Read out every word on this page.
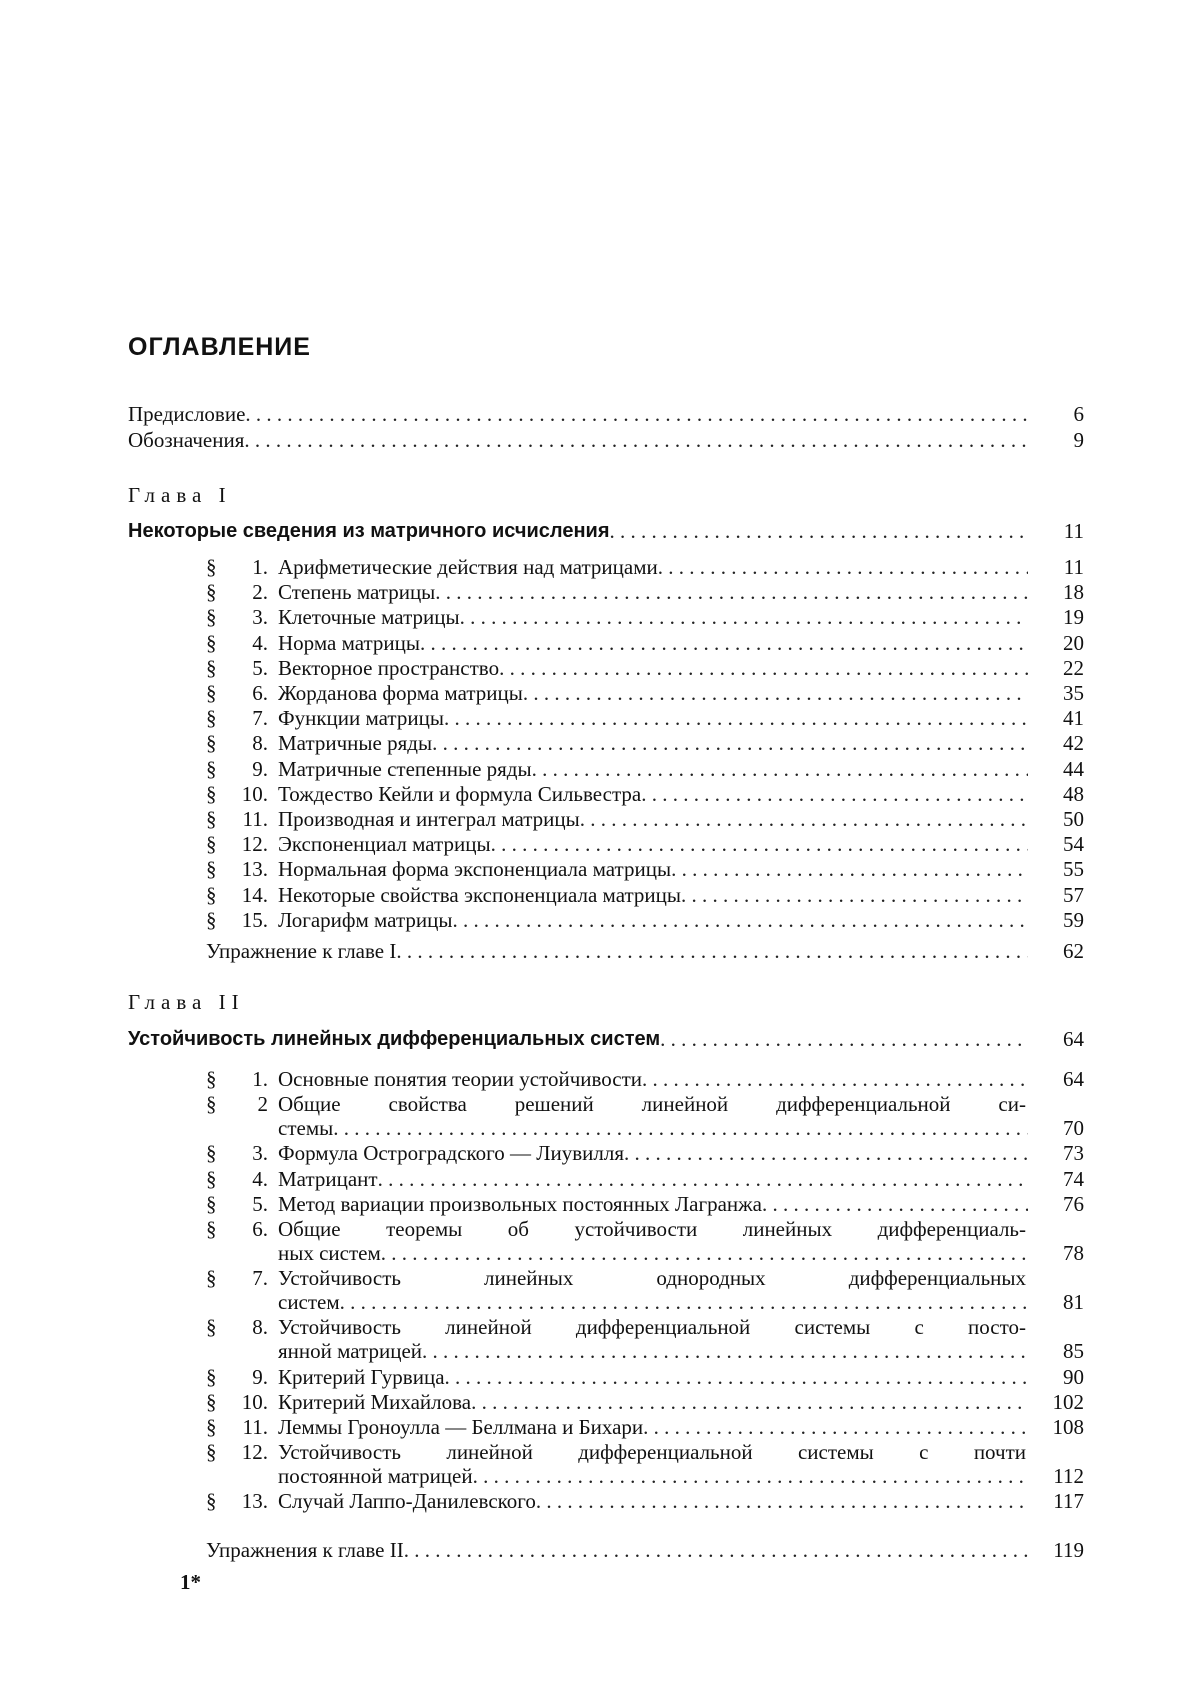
ОГЛАВЛЕНИЕ
Предисловие
. . .	6
Обозначения
. . .	9
Глава I
Некоторые сведения из матричного исчисления
. . .	11
§	1. Арифметические действия над матрицами
. . .	11
§	2. Степень матрицы
. . .	18
§	3. Клеточные матрицы
. . .	19
§	4. Норма матрицы
. . .	20
§	5. Векторное пространство
. . .	22
§	6. Жорданова форма матрицы
. . .	35
§	7. Функции матрицы
. . .	41
§	8. Матричные ряды
. . .	42
§	9. Матричные степенные ряды
. . .	44
§	10. Тождество Кейли и формула Сильвестра
. . .	48
§	11. Производная и интеграл матрицы
. . .	50
§	12. Экспоненциал матрицы
. . .	54
§	13. Нормальная форма экспоненциала матрицы
. . .	55
§	14. Некоторые свойства экспоненциала матрицы
. . .	57
§	15. Логарифм матрицы
. . .	59
Упражнение к главе I
. . .	62
Глава II
Устойчивость линейных дифференциальных систем
. . .	64
§	1. Основные понятия теории устойчивости
. . .	64
§	2 Общие свойства решений линейной дифференциальной си-
стемы
. . .	70
§	3. Формула Остроградского — Лиувилля
. . .	73
§	4. Матрицант
. . .	74
§	5. Метод вариации произвольных постоянных Лагранжа
. . .	76
§	6. Общие теоремы об устойчивости линейных дифференциаль-
ных систем
. . .	78
§	7. Устойчивость линейных однородных дифференциальных
систем
. . .	81
§	8. Устойчивость линейной дифференциальной системы с посто-
янной матрицей
. . .	85
§	9. Критерий Гурвица
. . .	90
§	10. Критерий Михайлова
. . .	102
§	11. Леммы Гроноулла — Беллмана и Бихари
. . .	108
§	12. Устойчивость линейной дифференциальной системы с почти
постоянной матрицей
. . .	112
§	13. Случай Лаппо-Данилевского
. . .	117
Упражнения к главе II
. . .	119
1*
